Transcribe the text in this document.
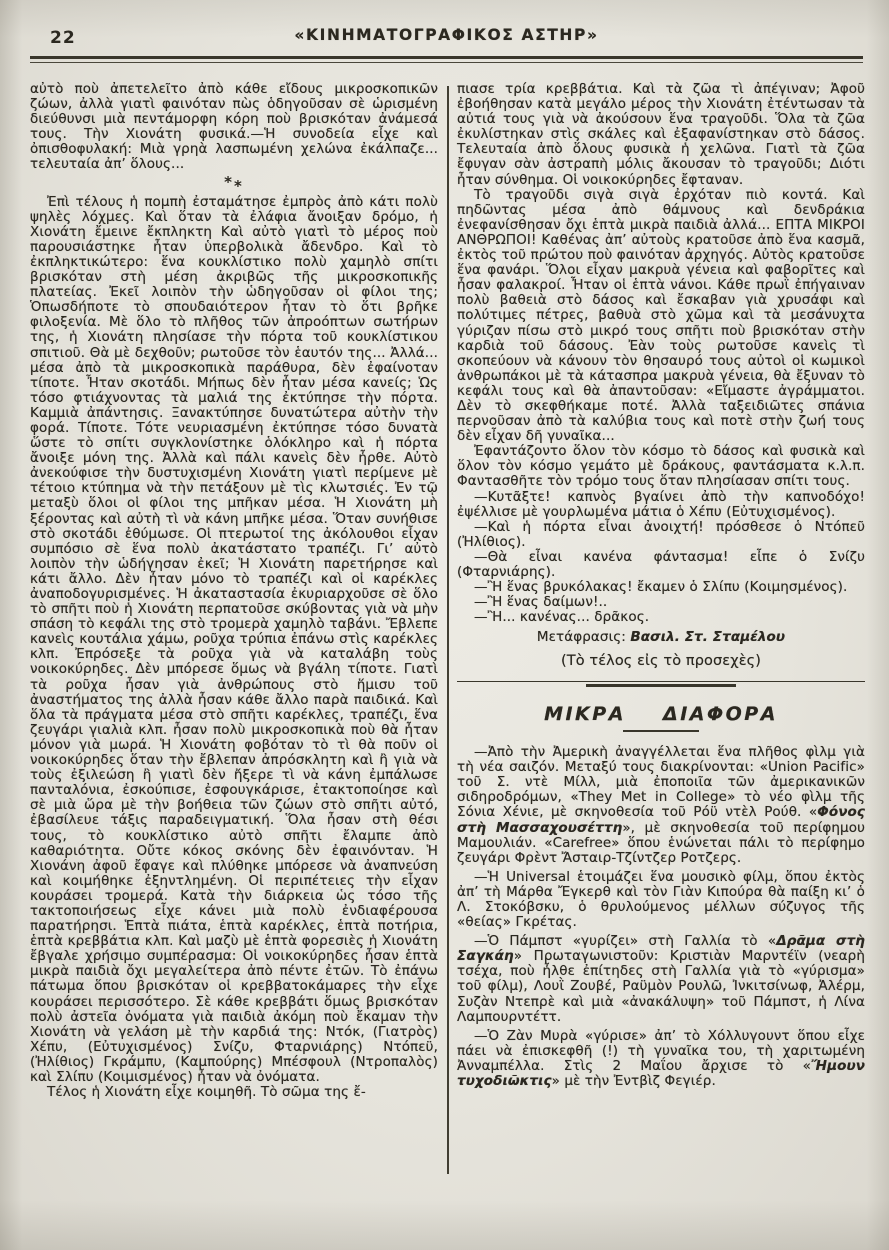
22	«ΚΙΝΗΜΑΤΟΓΡΑΦΙΚΟΣ ΑΣΤΗΡ»

αὐτὸ ποὺ ἀπετελεῖτο ἀπὸ κάθε εἴδους μικροσκοπικῶν ζώων, ἀλλὰ γιατὶ φαινόταν πὼς ὁδηγοῦσαν σὲ ὡρισμένη διεύθυνσι μιὰ πεντάμορφη κόρη ποὺ βρισκόταν ἀνάμεσά τους. Τὴν Χιονάτη φυσικά.—Ἡ συνοδεία εἶχε καὶ ὀπισθοφυλακή: Μιὰ γρηὰ λασπωμένη χελώνα ἐκάλπαζε... τελευταία ἀπ’ ὅλους...

**

Ἐπὶ τέλους ἡ πομπὴ ἐσταμάτησε ἐμπρὸς ἀπὸ κάτι πολὺ ψηλὲς λόχμες. Καὶ ὅταν τὰ ἐλάφια ἄνοιξαν δρόμο, ἡ Χιονάτη ἔμεινε ἔκπληκτη Καὶ αὐτὸ γιατὶ τὸ μέρος ποὺ παρουσιάστηκε ἦταν ὑπερβολικὰ ἄδενδρο. Καὶ τὸ ἐκπληκτικώτερο: ἕνα κουκλίστικο πολὺ χαμηλὸ σπίτι βρισκόταν στὴ μέση ἀκριβῶς τῆς μικροσκοπικῆς πλατείας. Ἐκεῖ λοιπὸν τὴν ὡδηγοῦσαν οἱ φίλοι της; Ὁπωσδήποτε τὸ σπουδαιότερον ἦταν τὸ ὅτι βρῆκε φιλοξενία. Μὲ ὅλο τὸ πλῆθος τῶν ἀπροόπτων σωτήρων της, ἡ Χιονάτη πλησίασε τὴν πόρτα τοῦ κουκλίστικου σπιτιοῦ. Θὰ μὲ δεχθοῦν; ρωτοῦσε τὸν ἑαυτόν της... Ἀλλά... μέσα ἀπὸ τὰ μικροσκοπικὰ παράθυρα, δὲν ἐφαίνοταν τίποτε. Ἦταν σκοτάδι. Μήπως δὲν ἦταν μέσα κανείς; Ὡς τόσο φτιάχνοντας τὰ μαλιά της ἐκτύπησε τὴν πόρτα. Καμμιὰ ἀπάντησις. Ξανακτύπησε δυνατώτερα αὐτὴν τὴν φορά. Τίποτε. Τότε νευριασμένη ἐκτύπησε τόσο δυνατὰ ὥστε τὸ σπίτι συγκλονίστηκε ὁλόκληρο καὶ ἡ πόρτα ἄνοιξε μόνη της. Ἀλλὰ καὶ πάλι κανεὶς δὲν ἦρθε. Αὐτὸ ἀνεκούφισε τὴν δυστυχισμένη Χιονάτη γιατὶ περίμενε μὲ τέτοιο κτύπημα νὰ τὴν πετάξουν μὲ τὶς κλωτσιές. Ἐν τῷ μεταξὺ ὅλοι οἱ φίλοι της μπῆκαν μέσα. Ἡ Χιονάτη μὴ ξέροντας καὶ αὐτὴ τὶ νὰ κάνη μπῆκε μέσα. Ὅταν συνήθισε στὸ σκοτάδι ἐθύμωσε. Οἱ πτερωτοί της ἀκόλουθοι εἶχαν συμπόσιο σὲ ἕνα πολὺ ἀκατάστατο τραπέζι. Γι’ αὐτὸ λοιπὸν τὴν ὡδήγησαν ἐκεῖ; Ἡ Χιονάτη παρετήρησε καὶ κάτι ἄλλο. Δὲν ἦταν μόνο τὸ τραπέζι καὶ οἱ καρέκλες ἀναποδογυρισμένες. Ἡ ἀκαταστασία ἐκυριαρχοῦσε σὲ ὅλο τὸ σπῆτι ποὺ ἡ Χιονάτη περπατοῦσε σκύβοντας γιὰ νὰ μὴν σπάση τὸ κεφάλι της στὸ τρομερὰ χαμηλὸ ταβάνι. Ἔβλεπε κανεὶς κουτάλια χάμω, ροῦχα τρύπια ἐπάνω στὶς καρέκλες κλπ. Ἐπρόσεξε τὰ ροῦχα γιὰ νὰ καταλάβη τοὺς νοικοκύρηδες. Δὲν μπόρεσε ὅμως νὰ βγάλη τίποτε. Γιατὶ τὰ ροῦχα ἦσαν γιὰ ἀνθρώπους στὸ ἥμισυ τοῦ ἀναστήματος της ἀλλὰ ἦσαν κάθε ἄλλο παρὰ παιδικά. Καὶ ὅλα τὰ πράγματα μέσα στὸ σπῆτι καρέκλες, τραπέζι, ἕνα ζευγάρι γιαλιὰ κλπ. ἦσαν πολὺ μικροσκοπικὰ ποὺ θὰ ἦταν μόνον γιὰ μωρά. Ἡ Χιονάτη φοβόταν τὸ τὶ θὰ ποῦν οἱ νοικοκύρηδες ὅταν τὴν ἔβλεπαν ἀπρόσκλητη καὶ ἢ γιὰ νὰ τοὺς ἐξιλεώση ἢ γιατὶ δὲν ἤξερε τὶ νὰ κάνη ἐμπάλωσε πανταλόνια, ἐσκούπισε, ἐσφουγκάρισε, ἐτακτοποίησε καὶ σὲ μιὰ ὥρα μὲ τὴν βοήθεια τῶν ζώων στὸ σπῆτι αὐτό, ἐβασίλευε τάξις παραδειγματική. Ὅλα ἦσαν στὴ θέσι τους, τὸ κουκλίστικο αὐτὸ σπῆτι ἔλαμπε ἀπὸ καθαριότητα. Οὔτε κόκος σκόνης δὲν ἐφαινόνταν. Ἡ Χιονάνη ἀφοῦ ἔφαγε καὶ πλύθηκε μπόρεσε νὰ ἀναπνεύση καὶ κοιμήθηκε ἐξηντλημένη. Οἱ περιπέτειες τὴν εἶχαν κουράσει τρομερά. Κατὰ τὴν διάρκεια ὡς τόσο τῆς τακτοποιήσεως εἶχε κάνει μιὰ πολὺ ἐνδιαφέρουσα παρατήρησι. Ἑπτὰ πιάτα, ἑπτὰ καρέκλες, ἑπτὰ ποτήρια, ἑπτὰ κρεββάτια κλπ. Καὶ μαζὺ μὲ ἑπτὰ φορεσιὲς ἡ Χιονάτη ἔβγαλε χρήσιμο συμπέρασμα: Οἱ νοικοκύρηδες ἦσαν ἑπτὰ μικρὰ παιδιὰ ὄχι μεγαλείτερα ἀπὸ πέντε ἐτῶν. Τὸ ἐπάνω πάτωμα ὅπου βρισκόταν οἱ κρεββατοκάμαρες τὴν εἶχε κουράσει περισσότερο. Σὲ κάθε κρεββάτι ὅμως βρισκόταν πολὺ ἀστεῖα ὀνόματα γιὰ παιδιὰ ἀκόμη ποὺ ἔκαμαν τὴν Χιονάτη νὰ γελάση μὲ τὴν καρδιά της: Ντόκ, (Γιατρὸς) Χέπυ, (Εὐτυχισμένος) Σνίζυ, Φταρνιάρης) Ντόπεϋ, (Ἠλίθιος) Γκράμπυ, (Καμπούρης) Μπέσφουλ (Ντροπαλὸς) καὶ Σλίπυ (Κοιμισμένος) ἦταν νὰ ὀνόματα.

Τέλος ἡ Χιονάτη εἶχε κοιμηθῆ. Τὸ σῶμα της ἔ-

πιασε τρία κρεββάτια. Καὶ τὰ ζῶα τὶ ἀπέγιναν; Ἀφοῦ ἐβοήθησαν κατὰ μεγάλο μέρος τὴν Χιονάτη ἐτέντωσαν τὰ αὐτιά τους γιὰ νὰ ἀκούσουν ἕνα τραγοῦδι. Ὅλα τὰ ζῶα ἐκυλίστηκαν στὶς σκάλες καὶ ἐξαφανίστηκαν στὸ δάσος. Τελευταία ἀπὸ ὅλους φυσικὰ ἡ χελῶνα. Γιατὶ τὰ ζῶα ἔφυγαν σὰν ἀστραπὴ μόλις ἄκουσαν τὸ τραγοῦδι; Διότι ἦταν σύνθημα. Οἱ νοικοκύρηδες ἔφταναν.

Τὸ τραγοῦδι σιγὰ σιγὰ ἐρχόταν πιὸ κοντά. Καὶ πηδῶντας μέσα ἀπὸ θάμνους καὶ δενδράκια ἐνεφανίσθησαν ὄχι ἑπτὰ μικρὰ παιδιὰ ἀλλά... ΕΠΤΑ ΜΙΚΡΟΙ ΑΝΘΡΩΠΟΙ! Καθένας ἀπ’ αὐτοὺς κρατοῦσε ἀπὸ ἕνα κασμᾶ, ἐκτὸς τοῦ πρώτου ποὺ φαινόταν ἀρχηγός. Αὐτὸς κρατοῦσε ἕνα φανάρι. Ὅλοι εἶχαν μακρυὰ γένεια καὶ φαβορῖτες καὶ ἦσαν φαλακροί. Ἦταν οἱ ἑπτὰ νάνοι. Κάθε πρωῒ ἐπήγαιναν πολὺ βαθειὰ στὸ δάσος καὶ ἔσκαβαν γιὰ χρυσάφι καὶ πολύτιμες πέτρες, βαθυὰ στὸ χῶμα καὶ τὰ μεσάνυχτα γύριζαν πίσω στὸ μικρό τους σπῆτι ποὺ βρισκόταν στὴν καρδιὰ τοῦ δάσους. Ἐὰν τοὺς ρωτοῦσε κανεὶς τὶ σκοπεύουν νὰ κάνουν τὸν θησαυρό τους αὐτοὶ οἱ κωμικοὶ ἀνθρωπάκοι μὲ τὰ κάτασπρα μακρυὰ γένεια, θὰ ἔξυναν τὸ κεφάλι τους καὶ θὰ ἀπαντοῦσαν: «Εἴμαστε ἀγράμματοι. Δὲν τὸ σκεφθήκαμε ποτέ. Ἀλλὰ ταξειδιῶτες σπάνια περνοῦσαν ἀπὸ τὰ καλύβια τους καὶ ποτὲ στὴν ζωή τους δὲν εἶχαν δῆ γυναῖκα...

Ἐφαντάζοντο ὅλον τὸν κόσμο τὸ δάσος καὶ φυσικὰ καὶ ὅλον τὸν κόσμο γεμάτο μὲ δράκους, φαντάσματα κ.λ.π. Φαντασθῆτε τὸν τρόμο τους ὅταν πλησίασαν σπίτι τους.

—Κυτᾶξτε! καπνὸς βγαίνει ἀπὸ τὴν καπνοδόχο! ἐψέλλισε μὲ γουρλωμένα μάτια ὁ Χέπυ (Εὐτυχισμένος).

—Καὶ ἡ πόρτα εἶναι ἀνοιχτή! πρόσθεσε ὁ Ντόπεῦ (Ἠλίθιος).

—Θὰ εἶναι κανένα φάντασμα! εἶπε ὁ Σνίζυ (Φταρνιάρης).

—Ἢ ἕνας βρυκόλακας! ἔκαμεν ὁ Σλίπυ (Κοιμησμένος).

—Ἢ ἕνας δαίμων!..

—Ἢ... κανένας... δρᾶκος.

Μετάφρασις: Βασιλ. Στ. Σταμέλου

(Τὸ τέλος εἰς τὸ προσεχὲς)

ΜΙΚΡΑ ΔΙΑΦΟΡΑ

—Ἀπὸ τὴν Ἀμερικὴ ἀναγγέλλεται ἕνα πλῆθος φὶλμ γιὰ τὴ νέα σαιζόν. Μεταξύ τους διακρίνονται: «Union Pacific» τοῦ Σ. ντὲ Μίλλ, μιὰ ἐποποιῖα τῶν ἀμερικανικῶν σιδηροδρόμων, «They Met in College» τὸ νέο φὶλμ τῆς Σόνια Χένιε, μὲ σκηνοθεσία τοῦ Ρόϋ ντὲλ Ρούθ. «Φόνος στὴ Μασσαχουσέττη», μὲ σκηνοθεσία τοῦ περίφημου Μαμουλιάν. «Carefree» ὅπου ἑνώνεται πάλι τὸ περίφημο ζευγάρι Φρὲντ Ἄσταιρ-Τζίντζερ Ροτζερς.

—Ἡ Universal ἑτοιμάζει ἕνα μουσικὸ φίλμ, ὅπου ἐκτὸς ἀπ’ τὴ Μάρθα Ἔγκερθ καὶ τὸν Γιὰν Κιπούρα θὰ παίξη κι’ ὁ Λ. Στοκόβσκυ, ὁ θρυλούμενος μέλλων σύζυγος τῆς «θείας» Γκρέτας.

—Ὁ Πάμπστ «γυρίζει» στὴ Γαλλία τὸ «Δρᾶμα στὴ Σαγκάη» Πρωταγωνιστοῦν: Κριστιὰν Μαρντέϊν (νεαρὴ τσέχα, ποὺ ἦλθε ἐπίτηδες στὴ Γαλλία γιὰ τὸ «γύρισμα» τοῦ φίλμ), Λουῒ Ζουβέ, Ραϋμὸν Ρουλῶ, Ἰνκιτσίνωφ, Ἀλέρμ, Συζὰν Ντεπρὲ καὶ μιὰ «ἀνακάλυψη» τοῦ Πάμπστ, ἡ Λίνα Λαμπουρντέττ.

—Ὁ Ζὰν Μυρὰ «γύρισε» ἀπ’ τὸ Χόλλυγουντ ὅπου εἶχε πάει νὰ ἐπισκεφθῆ (!) τὴ γυναῖκα του, τὴ χαριτωμένη Ἀνναμπέλλα. Στὶς 2 Μαΐου ἄρχισε τὸ «Ἤμουν τυχοδιῶκτις» μὲ τὴν Ἐντβὶζ Φεγιέρ.
